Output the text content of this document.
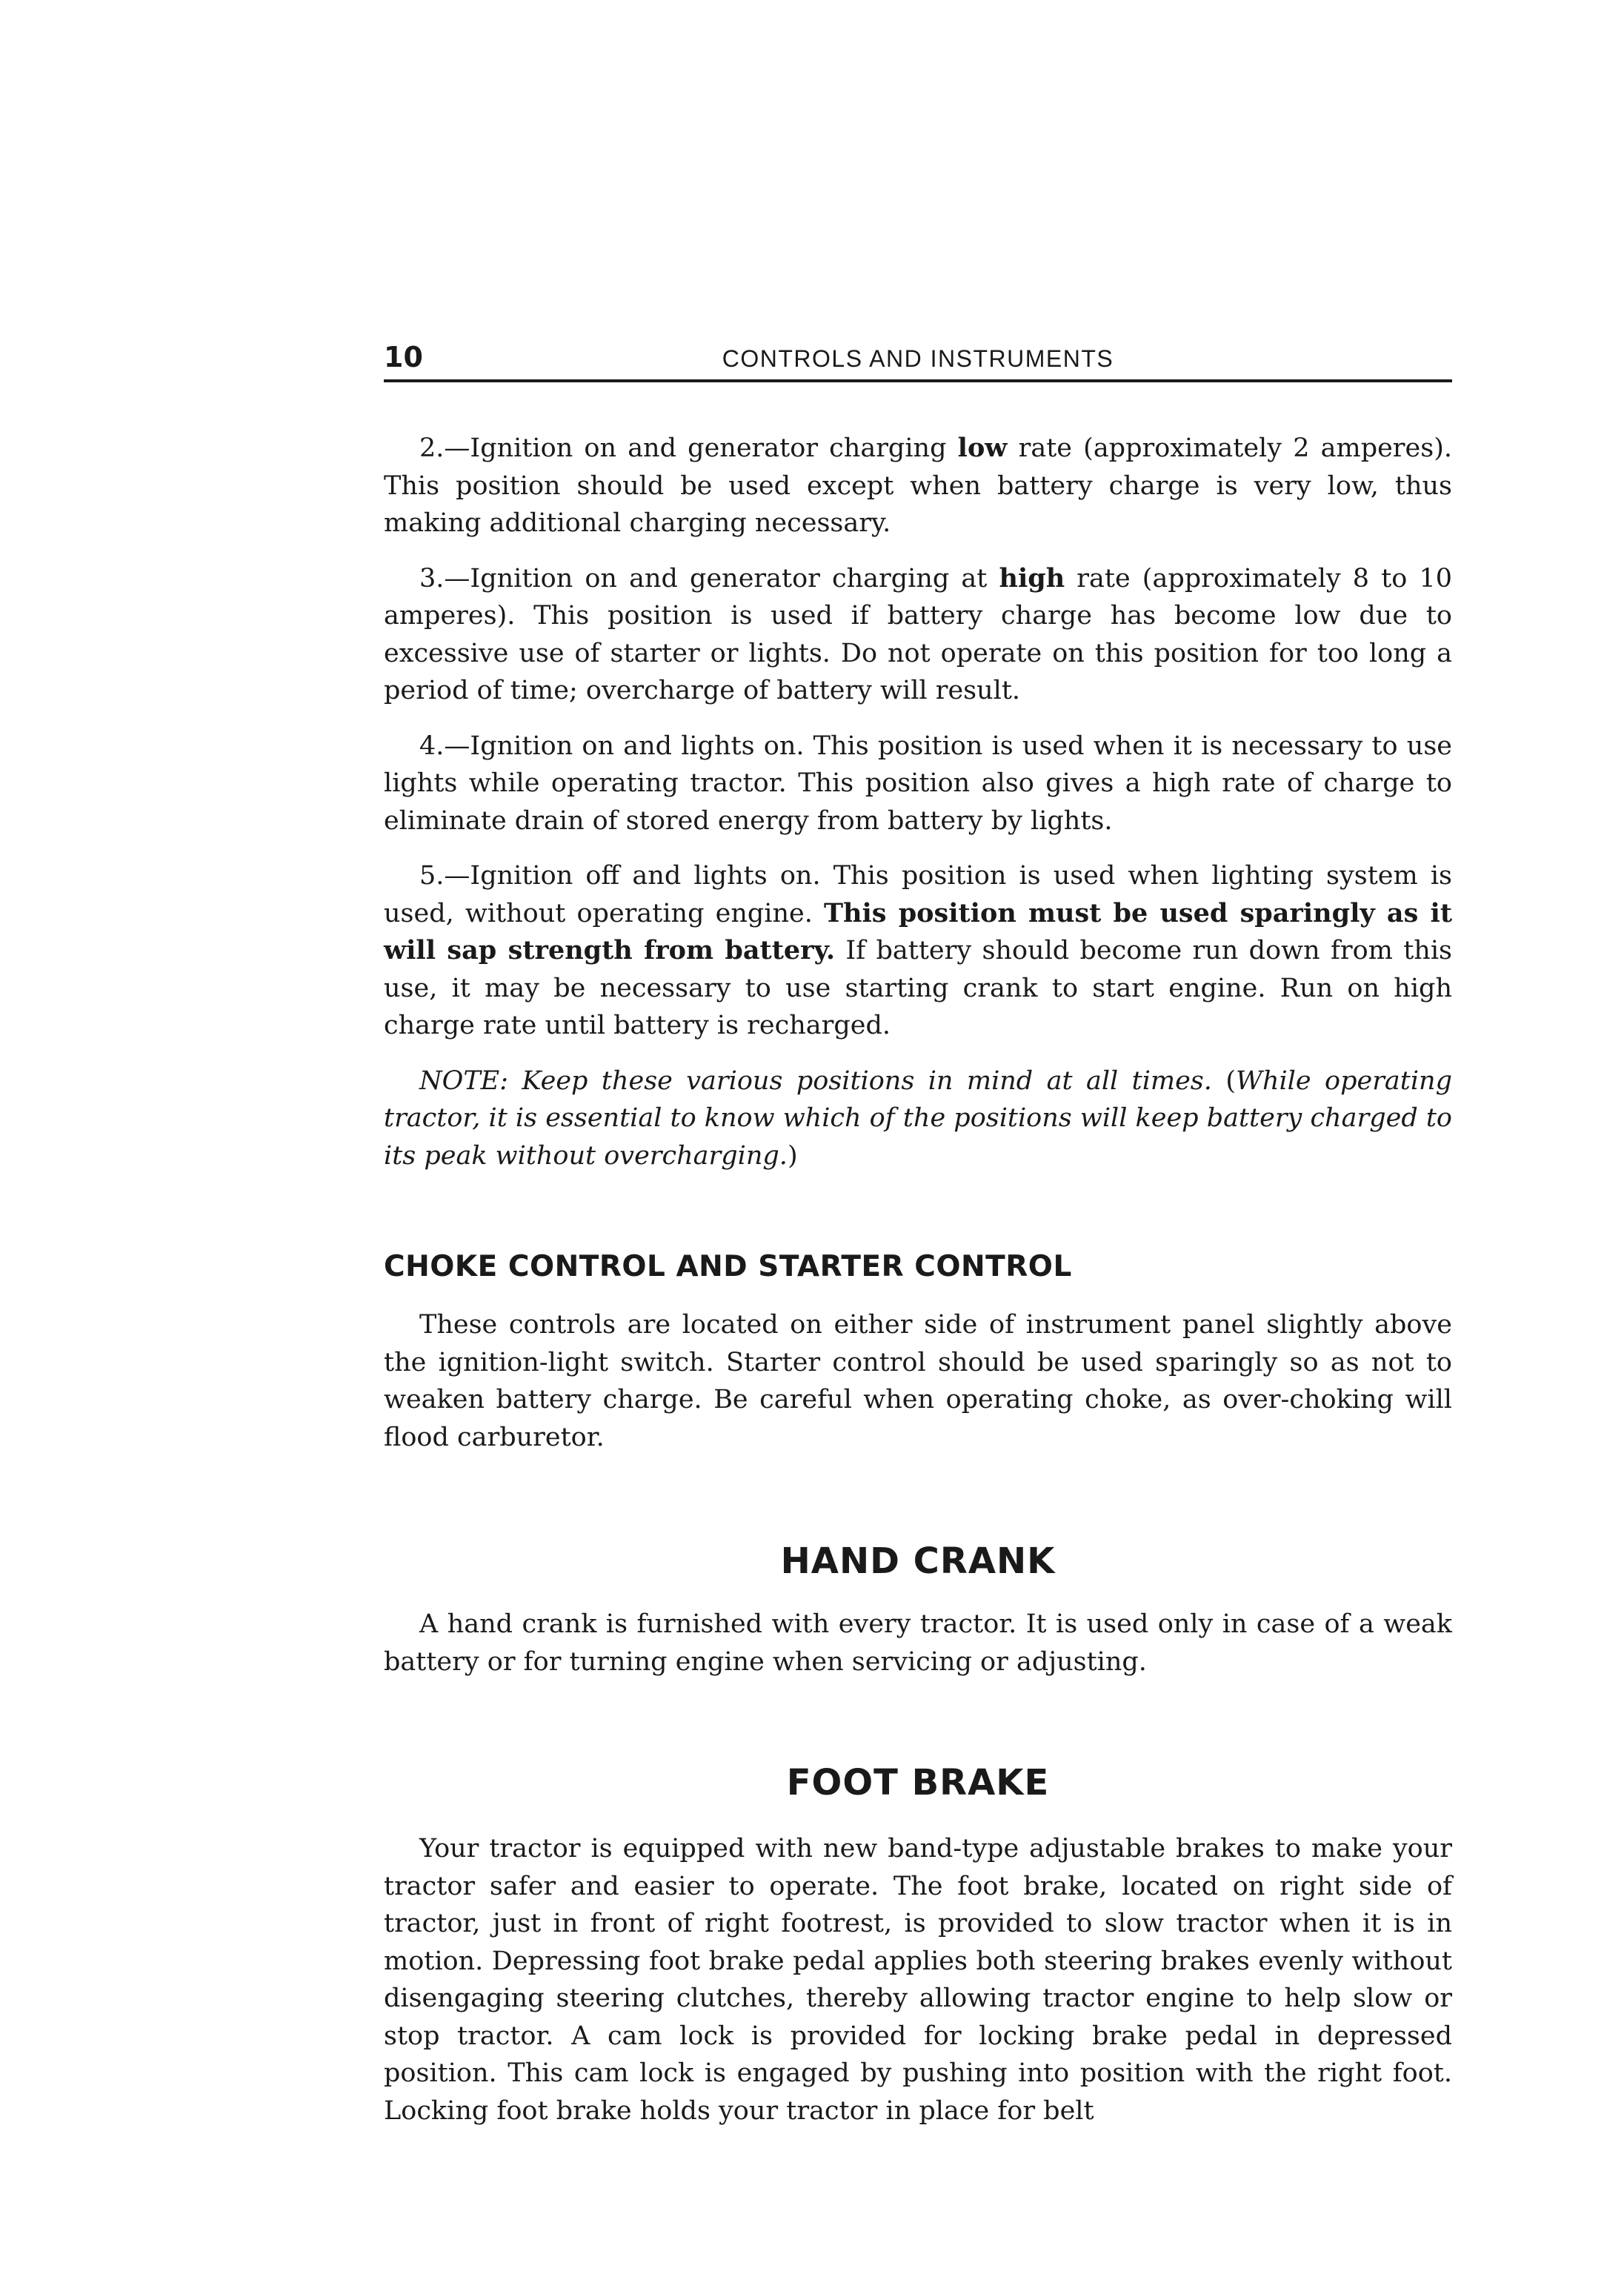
10	CONTROLS AND INSTRUMENTS

2.—Ignition on and generator charging low rate (approximately 2 amperes). This position should be used except when battery charge is very low, thus making additional charging necessary.

3.—Ignition on and generator charging at high rate (approximately 8 to 10 amperes). This position is used if battery charge has become low due to excessive use of starter or lights. Do not operate on this position for too long a period of time; overcharge of battery will result.

4.—Ignition on and lights on. This position is used when it is necessary to use lights while operating tractor. This position also gives a high rate of charge to eliminate drain of stored energy from battery by lights.

5.—Ignition off and lights on. This position is used when lighting system is used, without operating engine. This position must be used sparingly as it will sap strength from battery. If battery should become run down from this use, it may be necessary to use starting crank to start engine. Run on high charge rate until battery is recharged.

NOTE: Keep these various positions in mind at all times. (While operating tractor, it is essential to know which of the positions will keep battery charged to its peak without overcharging.)

CHOKE CONTROL AND STARTER CONTROL

These controls are located on either side of instrument panel slightly above the ignition-light switch. Starter control should be used sparingly so as not to weaken battery charge. Be careful when operating choke, as over-choking will flood carburetor.

HAND CRANK

A hand crank is furnished with every tractor. It is used only in case of a weak battery or for turning engine when servicing or adjusting.

FOOT BRAKE

Your tractor is equipped with new band-type adjustable brakes to make your tractor safer and easier to operate. The foot brake, located on right side of tractor, just in front of right footrest, is provided to slow tractor when it is in motion. Depressing foot brake pedal applies both steering brakes evenly without disengaging steering clutches, thereby allowing tractor engine to help slow or stop tractor. A cam lock is provided for locking brake pedal in depressed position. This cam lock is engaged by pushing into position with the right foot. Locking foot brake holds your tractor in place for belt
